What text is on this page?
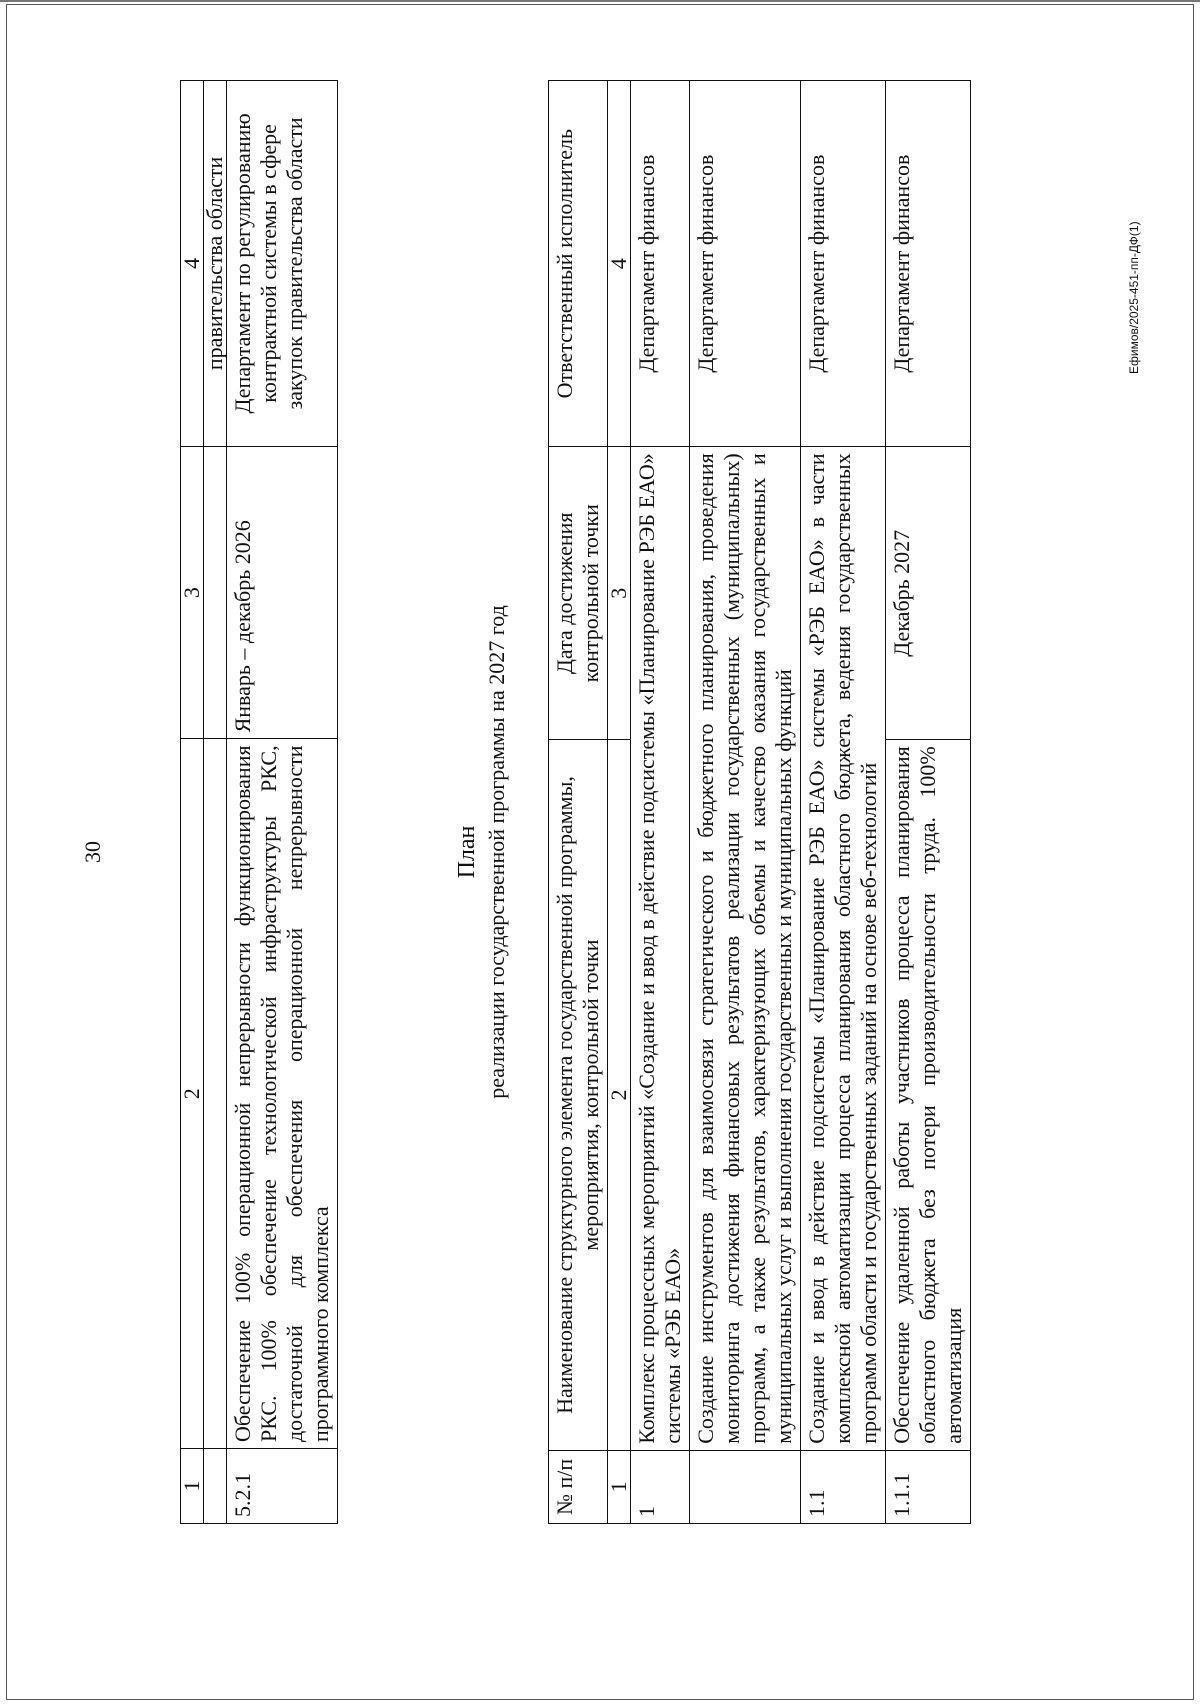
30
1	2	3	4
			правительства области
5.2.1	Обеспечение 100% операционной непрерывности функционирования РКС. 100% обеспечение технологической инфраструктуры РКС, достаточной для обеспечения операционной непрерывности программного комплекса	Январь – декабрь 2026	Департамент по регулированию контрактной системы в сфере закупок правительства области
План реализации государственной программы на 2027 год
№ п/п	Наименование структурного элемента государственной программы, мероприятия, контрольной точки	Дата достижения контрольной точки	Ответственный исполнитель
1	2	3	4
1	Комплекс процессных мероприятий «Создание и ввод в действие подсистемы «Планирование РЭБ ЕАО» системы «РЭБ ЕАО»		Департамент финансов
	Создание инструментов для взаимосвязи стратегического и бюджетного планирования, проведения мониторинга достижения финансовых результатов реализации государственных (муниципальных) программ, а также результатов, характеризующих объемы и качество оказания государственных и муниципальных услуг и выполнения государственных и муниципальных функций		Департамент финансов
1.1	Создание и ввод в действие подсистемы «Планирование РЭБ ЕАО» системы «РЭБ ЕАО» в части комплексной автоматизации процесса планирования областного бюджета, ведения государственных программ области и государственных заданий на основе веб-технологий		Департамент финансов
1.1.1	Обеспечение удаленной работы участников процесса планирования областного бюджета без потери производительности труда. 100% автоматизация	Декабрь 2027	Департамент финансов	Ефимов/2025-451-пп-ДФ(1)
